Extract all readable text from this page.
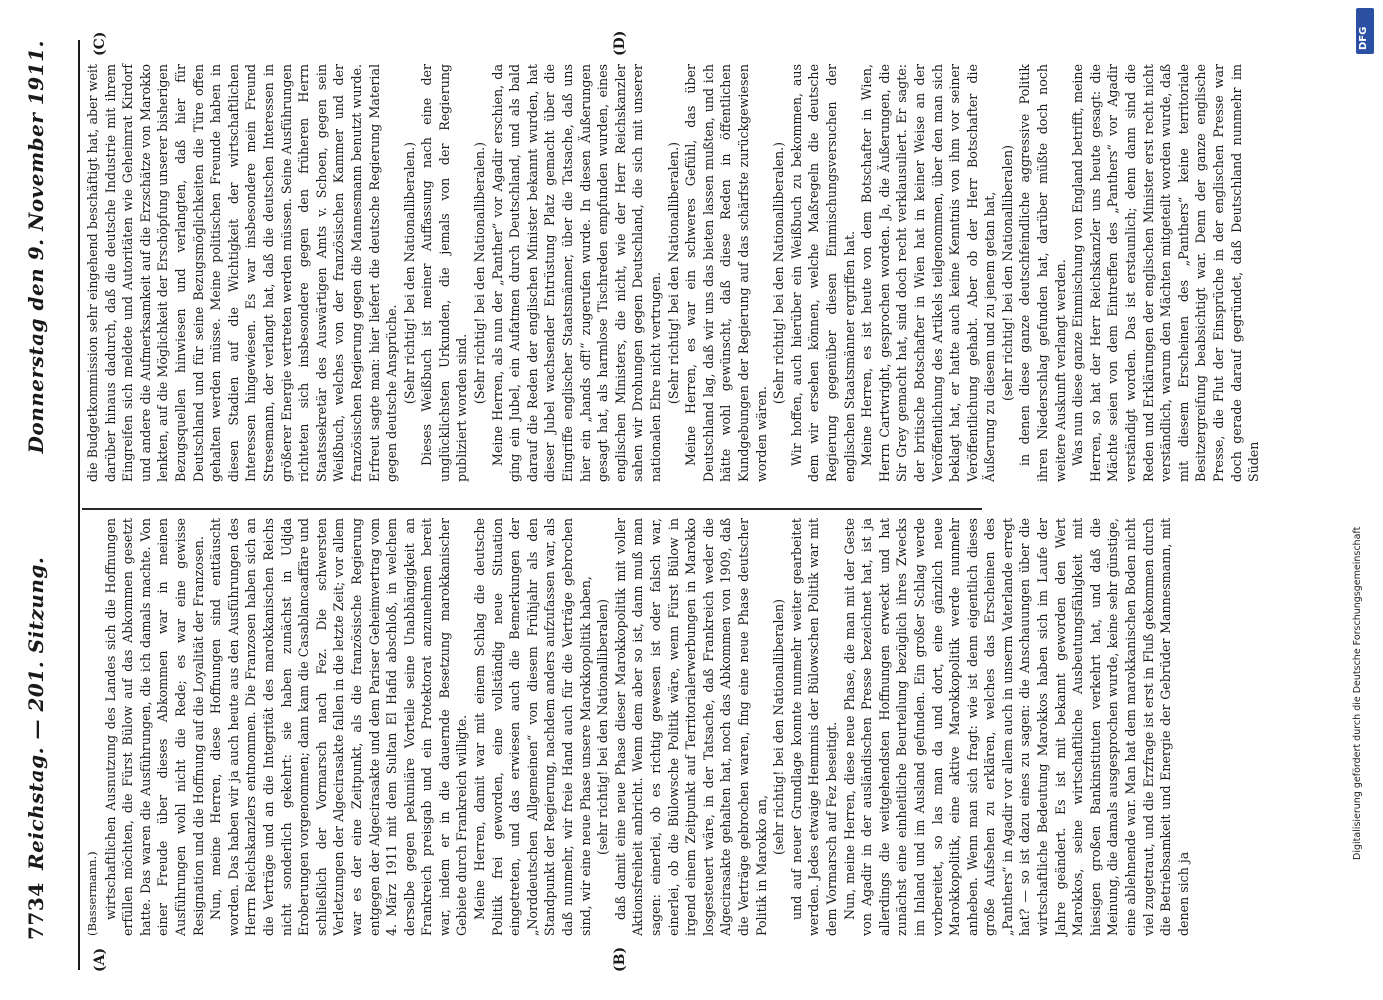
7734
Reichstag. — 201. Sitzung.
Donnerstag den 9. November 1911.
(A)	(B)
(C)	(D)

(Bassermann.) wirtschaftlichen Ausnutzung des Landes sich die Hoffnungen erfüllen möchten, die Fürst Bülow auf das Abkommen gesetzt hatte. Das waren die Ausführungen, die ich damals machte. Von einer Freude über dieses Abkommen war in meinen Ausführungen wohl nicht die Rede; es war eine gewisse Resignation und die Hoffnung auf die Loyalität der Franzosen. Nun, meine Herren, diese Hoffnungen sind enttäuscht worden. Das haben wir ja auch heute aus den Ausführungen des Herrn Reichskanzlers entnommen. Die Franzosen haben sich an die Verträge und an die Integrität des marokkanischen Reichs nicht sonderlich gekehrt: sie haben zunächst in Udjda Eroberungen vorgenommen; dann kam die Casablancaaffäre und schließlich der Vormarsch nach Fez. Die schwersten Verletzungen der Algecirasakte fallen in die letzte Zeit; vor allem war es der eine Zeitpunkt, als die französische Regierung entgegen der Algecirasakte und dem Pariser Geheimvertrag vom 4. März 1911 mit dem Sultan El Hafid abschloß, in welchem derselbe gegen pekuniäre Vorteile seine Unabhängigkeit an Frankreich preisgab und ein Protektorat anzunehmen bereit war, indem er in die dauernde Besetzung marokkanischer Gebiete durch Frankreich willigte. Meine Herren, damit war mit einem Schlag die deutsche Politik frei geworden, eine vollständig neue Situation eingetreten, und das erwiesen auch die Bemerkungen der „Norddeutschen Allgemeinen“ von diesem Frühjahr als den Standpunkt der Regierung, nachdem anders aufzufassen war, als daß nunmehr, wir freie Hand auch für die Verträge gebrochen sind, wir eine neue Phase unsere Marokkopolitik haben, (sehr richtig! bei den Nationalliberalen) daß damit eine neue Phase dieser Marokkopolitik mit voller Aktionsfreiheit anbricht. Wenn dem aber so ist, dann muß man sagen: einerlei, ob es richtig gewesen ist oder falsch war, einerlei, ob die Bülowsche Politik wäre, wenn Fürst Bülow in irgend einem Zeitpunkt auf Territorialerwerbungen in Marokko losgesteuert wäre, in der Tatsache, daß Frankreich weder die Algecirasakte gehalten hat, noch das Abkommen von 1909, daß die Verträge gebrochen waren, fing eine neue Phase deutscher Politik in Marokko an,

(sehr richtig! bei den Nationalliberalen) und auf neuer Grundlage konnte nunmehr weiter gearbeitet werden. Jedes etwaige Hemmnis der Bülowschen Politik war mit dem Vormarsch auf Fez beseitigt. Nun, meine Herren, diese neue Phase, die man mit der Geste von Agadir in der ausländischen Presse bezeichnet hat, ist ja allerdings die weitgehendsten Hoffnungen erweckt und hat zunächst eine einheitliche Beurteilung bezüglich ihres Zwecks im Inland und im Ausland gefunden. Ein großer Schlag werde vorbereitet, so las man da und dort, eine gänzlich neue Marokkopolitik, eine aktive Marokkopolitik werde nunmehr anheben. Wenn man sich fragt: wie ist denn eigentlich dieses große Aufsehen zu erklären, welches das Erscheinen des „Panthers“ in Agadir vor allem auch in unserm Vaterlande erregt hat? — so ist dazu eines zu sagen: die Anschauungen über die wirtschaftliche Bedeutung Marokkos haben sich im Laufe der Jahre geändert. Es ist mit bekannt geworden den Wert Marokkos, seine wirtschaftliche Ausbeutungsfähigkeit mit hiesigen großen Bankinstituten verkehrt hat, und daß die Meinung, die damals ausgesprochen wurde, keine sehr günstige, eine ablehnende war. Man hat dem marokkanischen Boden nicht viel zugetraut, und die Erzfrage ist erst in Fluß gekommen durch die Betriebsamkeit und Energie der Gebrüder Mannesmann, mit denen sich ja

die Budgetkommission sehr eingehend beschäftigt hat, aber weit darüber hinaus dadurch, daß die deutsche Industrie mit ihrem Eingreifen sich meldete und Autoritäten wie Geheimrat Kirdorf und andere die Aufmerksamkeit auf die Erzschätze von Marokko lenkten, auf die Möglichkeit der Erschöpfung unserer bisherigen Bezugsquellen hinwiesen und verlangten, daß hier für Deutschland und für seine Bezugsmöglichkeiten die Türe offen gehalten werden müsse. Meine politischen Freunde haben in diesen Stadien auf die Wichtigkeit der wirtschaftlichen Interessen hingewiesen. Es war insbesondere mein Freund Stresemann, der verlangt hat, daß die deutschen Interessen in größerer Energie vertreten werden müssen. Seine Ausführungen richteten sich insbesondere gegen den früheren Herrn Staatssekretär des Auswärtigen Amts v. Schoen, gegen sein Weißbuch, welches von der französischen Kammer und der französischen Regierung gegen die Mannesmann benutzt wurde. Erfreut sagte man: hier liefert die deutsche Regierung Material gegen deutsche Ansprüche. (Sehr richtig! bei den Nationalliberalen.) Dieses Weißbuch ist meiner Auffassung nach eine der unglücklichsten Urkunden, die jemals von der Regierung publiziert worden sind.

(Sehr richtig! bei den Nationalliberalen.) Meine Herren, als nun der „Panther“ vor Agadir erschien, da ging ein Jubel, ein Aufatmen durch Deutschland, und als bald darauf die Reden der englischen Minister bekannt wurden, hat dieser Jubel wachsender Entrüstung Platz gemacht über die Eingriffe englischer Staatsmänner, über die Tatsache, daß uns hier ein „hands off!“ zugerufen wurde. In diesen Äußerungen gesagt hat, als harmlose Tischreden empfunden wurden, eines englischen Ministers, die nicht, wie der Herr Reichskanzler sahen wir Drohungen gegen Deutschland, die sich mit unserer nationalen Ehre nicht vertrugen. (Sehr richtig! bei den Nationalliberalen.) Meine Herren, es war ein schweres Gefühl, das über Deutschland lag, daß wir uns das bieten lassen mußten, und ich hätte wohl gewünscht, daß diese Reden in öffentlichen Kundgebungen der Regierung auf das schärfste zurückgewiesen worden wären.

(Sehr richtig! bei den Nationalliberalen.) Wir hoffen, auch hierüber ein Weißbuch zu bekommen, aus dem wir ersehen können, welche Maßregeln die deutsche Regierung gegenüber diesen Einmischungsversuchen der englischen Staatsmänner ergriffen hat. Meine Herren, es ist heute von dem Botschafter in Wien, Herrn Cartwright, gesprochen worden. Ja, die Äußerungen, die Sir Grey gemacht hat, sind doch recht verklausuliert. Er sagte: der britische Botschafter in Wien hat in keiner Weise an der Veröffentlichung des Artikels teilgenommen, über den man sich beklagt hat, er hatte auch keine Kenntnis von ihm vor seiner Veröffentlichung gehabt. Aber ob der Herr Botschafter die Äußerung zu diesem und zu jenem getan hat, (sehr richtig! bei den Nationalliberalen) in denen diese ganze deutschfeindliche aggressive Politik ihren Niederschlag gefunden hat, darüber müßte doch noch weitere Auskunft verlangt werden. Was nun diese ganze Einmischung von England betrifft, meine Herren, so hat der Herr Reichskanzler uns heute gesagt: die Mächte seien von dem Eintreffen des „Panthers“ vor Agadir verständigt worden. Das ist erstaunlich; denn dann sind die Reden und Erklärungen der englischen Minister erst recht nicht verständlich, warum den Mächten mitgeteilt worden wurde, daß mit diesem Erscheinen des „Panthers“ keine territoriale Besitzergreifung beabsichtigt war. Denn der ganze englische Presse, die Flut der Einsprüche in der englischen Presse war doch gerade darauf gegründet, daß Deutschland nunmehr im Süden

DFG
Digitalisierung gefördert durch die Deutsche Forschungsgemeinschaft
